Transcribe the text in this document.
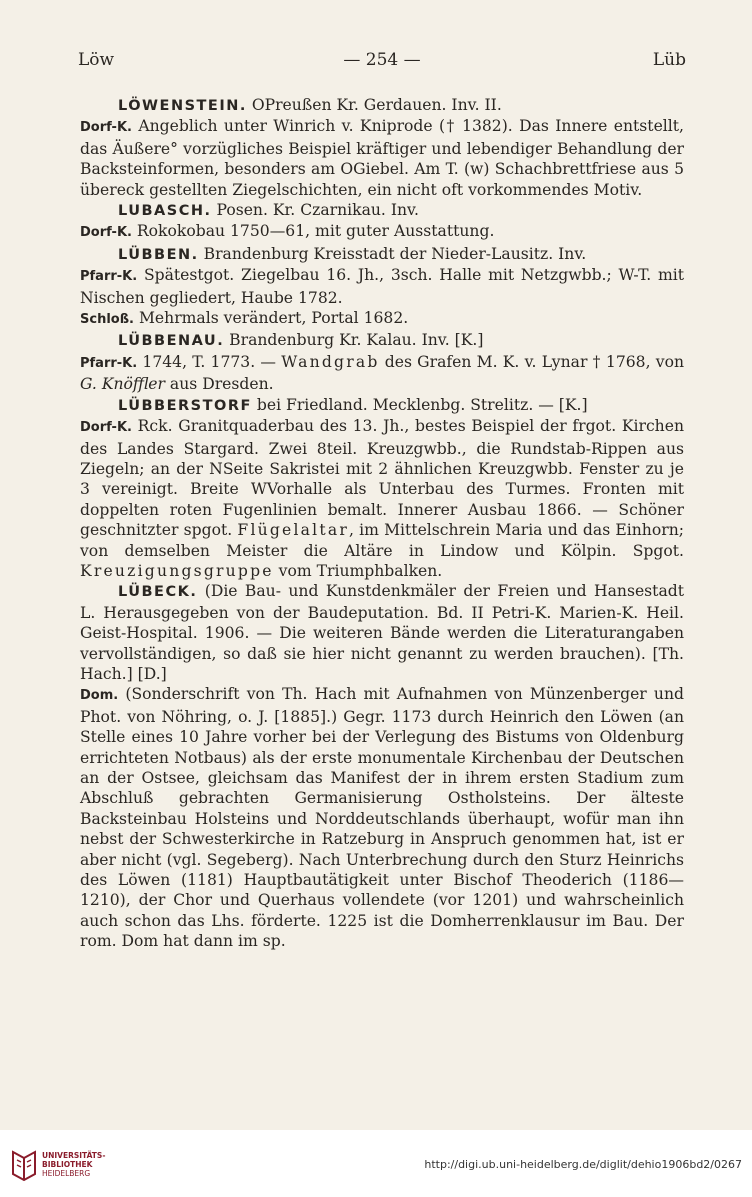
Löw	— 254 —	Lüb

LÖWENSTEIN. OPreußen Kr. Gerdauen. Inv. II.

Dorf-K. Angeblich unter Winrich v. Kniprode († 1382). Das Innere entstellt, das Äußere° vorzügliches Beispiel kräftiger und lebendiger Behandlung der Backsteinformen, besonders am OGiebel. Am T. (w) Schachbrettfriese aus 5 übereck gestellten Ziegelschichten, ein nicht oft vorkommendes Motiv.

LUBASCH. Posen. Kr. Czarnikau. Inv.

Dorf-K. Rokokobau 1750—61, mit guter Ausstattung.

LÜBBEN. Brandenburg Kreisstadt der Nieder-Lausitz. Inv.

Pfarr-K. Spätestgot. Ziegelbau 16. Jh., 3sch. Halle mit Netzgwbb.; W-T. mit Nischen gegliedert, Haube 1782.

Schloß. Mehrmals verändert, Portal 1682.

LÜBBENAU. Brandenburg Kr. Kalau. Inv. [K.]

Pfarr-K. 1744, T. 1773. — Wandgrab des Grafen M. K. v. Lynar † 1768, von G. Knöffler aus Dresden.

LÜBBERSTORF bei Friedland. Mecklenbg. Strelitz. — [K.]

Dorf-K. Rck. Granitquaderbau des 13. Jh., bestes Beispiel der frgot. Kirchen des Landes Stargard. Zwei 8teil. Kreuzgwbb., die Rundstab-Rippen aus Ziegeln; an der NSeite Sakristei mit 2 ähnlichen Kreuzgwbb. Fenster zu je 3 vereinigt. Breite WVorhalle als Unterbau des Turmes. Fronten mit doppelten roten Fugenlinien bemalt. Innerer Ausbau 1866. — Schöner geschnitzter spgot. Flügelaltar, im Mittelschrein Maria und das Einhorn; von demselben Meister die Altäre in Lindow und Kölpin. Spgot. Kreuzigungsgruppe vom Triumphbalken.

LÜBECK. (Die Bau- und Kunstdenkmäler der Freien und Hansestadt L. Herausgegeben von der Baudeputation. Bd. II Petri-K. Marien-K. Heil. Geist-Hospital. 1906. — Die weiteren Bände werden die Literaturangaben vervollständigen, so daß sie hier nicht genannt zu werden brauchen). [Th. Hach.] [D.]

Dom. (Sonderschrift von Th. Hach mit Aufnahmen von Münzenberger und Phot. von Nöhring, o. J. [1885].) Gegr. 1173 durch Heinrich den Löwen (an Stelle eines 10 Jahre vorher bei der Verlegung des Bistums von Oldenburg errichteten Notbaus) als der erste monumentale Kirchenbau der Deutschen an der Ostsee, gleichsam das Manifest der in ihrem ersten Stadium zum Abschluß gebrachten Germanisierung Ostholsteins. Der älteste Backsteinbau Holsteins und Norddeutschlands überhaupt, wofür man ihn nebst der Schwesterkirche in Ratzeburg in Anspruch genommen hat, ist er aber nicht (vgl. Segeberg). Nach Unterbrechung durch den Sturz Heinrichs des Löwen (1181) Hauptbautätigkeit unter Bischof Theoderich (1186—1210), der Chor und Querhaus vollendete (vor 1201) und wahrscheinlich auch schon das Lhs. förderte. 1225 ist die Domherrenklausur im Bau. Der rom. Dom hat dann im sp.

UNIVERSITÄTS-
BIBLIOTHEK
HEIDELBERG
http://digi.ub.uni-heidelberg.de/diglit/dehio1906bd2/0267
